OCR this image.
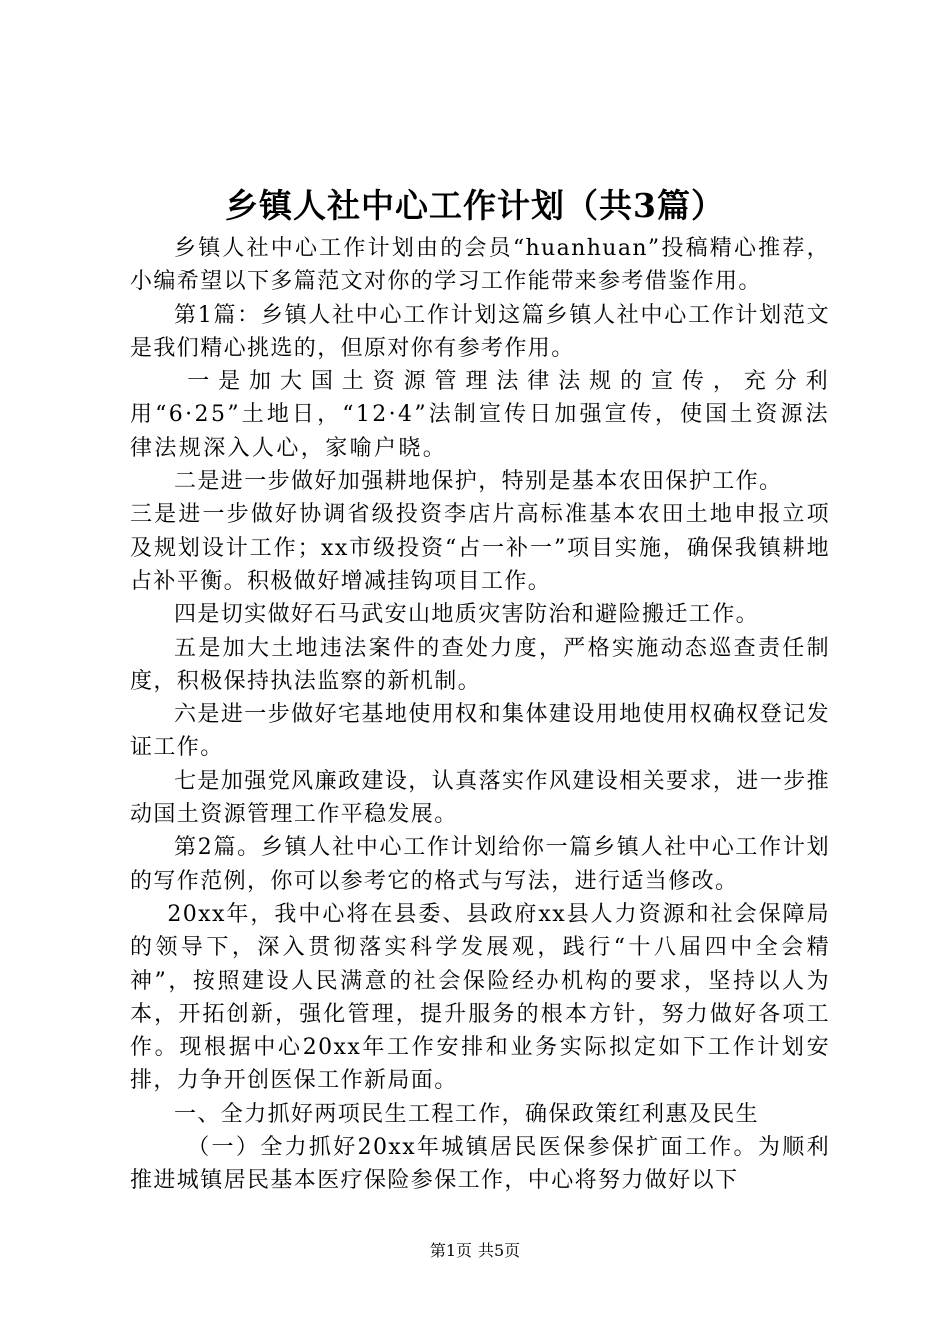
乡镇人社中心工作计划（共3篇）

乡镇人社中心工作计划由的会员“huanhuan”投稿精心推荐，小编希望以下多篇范文对你的学习工作能带来参考借鉴作用。

第1篇：乡镇人社中心工作计划这篇乡镇人社中心工作计划范文是我们精心挑选的，但原对你有参考作用。

一是加大国土资源管理法律法规的宣传，充分利用“6·25”土地日，“12·4”法制宣传日加强宣传，使国土资源法律法规深入人心，家喻户晓。

二是进一步做好加强耕地保护，特别是基本农田保护工作。

三是进一步做好协调省级投资李店片高标准基本农田土地申报立项及规划设计工作；xx市级投资“占一补一”项目实施，确保我镇耕地占补平衡。积极做好增减挂钩项目工作。

四是切实做好石马武安山地质灾害防治和避险搬迁工作。

五是加大土地违法案件的查处力度，严格实施动态巡查责任制度，积极保持执法监察的新机制。

六是进一步做好宅基地使用权和集体建设用地使用权确权登记发证工作。

七是加强党风廉政建设，认真落实作风建设相关要求，进一步推动国土资源管理工作平稳发展。

第2篇。乡镇人社中心工作计划给你一篇乡镇人社中心工作计划的写作范例，你可以参考它的格式与写法，进行适当修改。

20xx年，我中心将在县委、县政府xx县人力资源和社会保障局的领导下，深入贯彻落实科学发展观，践行“十八届四中全会精神”，按照建设人民满意的社会保险经办机构的要求，坚持以人为本，开拓创新，强化管理，提升服务的根本方针，努力做好各项工作。现根据中心20xx年工作安排和业务实际拟定如下工作计划安排，力争开创医保工作新局面。

一、全力抓好两项民生工程工作，确保政策红利惠及民生

（一）全力抓好20xx年城镇居民医保参保扩面工作。为顺利推进城镇居民基本医疗保险参保工作，中心将努力做好以下

第1页 共5页
